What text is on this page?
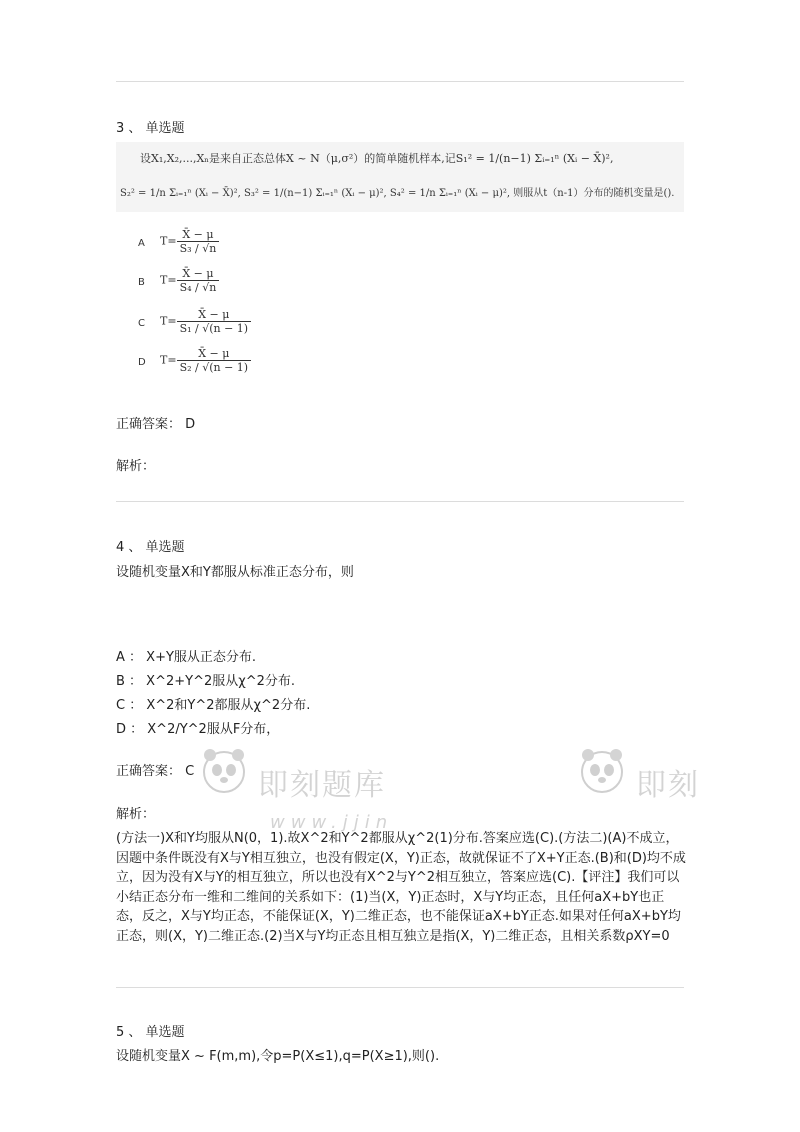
3 、 单选题
设X₁,X₂,...,Xₙ是来自正态总体X ~ N（μ,σ²）的简单随机样本,记S₁² = 1/(n−1) Σᵢ₌₁ⁿ (Xᵢ − X̄)²,
S₂² = 1/n Σᵢ₌₁ⁿ (Xᵢ − X̄)², S₃² = 1/(n−1) Σᵢ₌₁ⁿ (Xᵢ − μ)², S₄² = 1/n Σᵢ₌₁ⁿ (Xᵢ − μ)², 则服从t（n-1）分布的随机变量是().
A $T= \frac{X̄ - \mu}{\text{S₃ / √n}}$
B $T= \frac{X̄ - \mu}{\text{S₄ / √n}}$
C $T= \frac{X̄ - \mu}{\text{S₁ / √(n − 1)}}$
D $T= \frac{X̄ - \mu}{\text{S₂ / √(n − 1)}}$
正确答案： D
解析：
4 、 单选题
设随机变量X和Y都服从标准正态分布，则
A ： X+Y服从正态分布.
B ： X^2+Y^2服从χ^2分布.
C ： X^2和Y^2都服从χ^2分布.
D ： X^2/Y^2服从F分布，
正确答案： C
解析：
(方法一)X和Y均服从N(0，1).故X^2和Y^2都服从χ^2(1)分布.答案应选(C).(方法二)(A)不成立，因题中条件既没有X与Y相互独立，也没有假定(X，Y)正态，故就保证不了X+Y正态.(B)和(D)均不成立，因为没有X与Y的相互独立，所以也没有X^2与Y^2相互独立，答案应选(C).【评注】我们可以小结正态分布一维和二维间的关系如下：(1)当(X，Y)正态时，X与Y均正态，且任何aX+bY也正态，反之，X与Y均正态，不能保证(X，Y)二维正态，也不能保证aX+bY正态.如果对任何aX+bY均正态，则(X，Y)二维正态.(2)当X与Y均正态且相互独立是指(X，Y)二维正态，且相关系数ρXY=0
5 、 单选题
设随机变量X ~ F(m,m),令p=P(X≤1),q=P(X≥1),则().
即刻题库
www.jjin
即刻
